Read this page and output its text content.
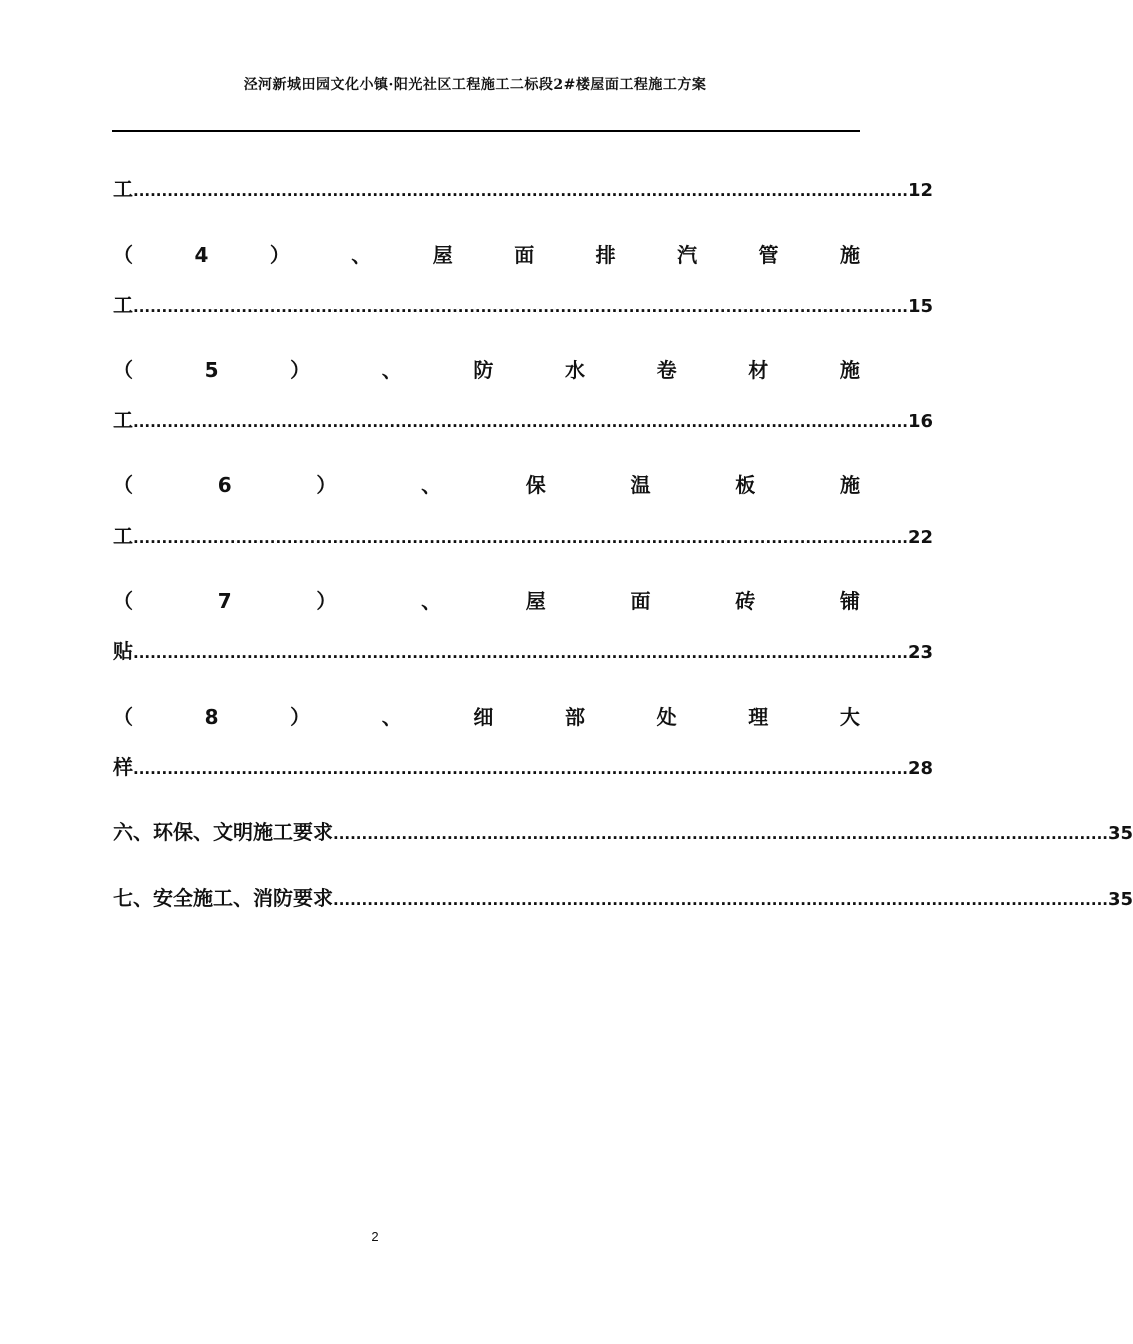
泾河新城田园文化小镇·阳光社区工程施工二标段2#楼屋面工程施工方案
工 ........................................................................................................................................ 12
（	4	）	、	屋	面	排	汽	管	施
工 ........................................................................................................................................ 15
（	5	）	、	防	水	卷	材	施
工 ........................................................................................................................................ 16
（	6	）	、	保	温	板	施
工 ........................................................................................................................................ 22
（	7	）	、	屋	面	砖	铺
贴 ........................................................................................................................................ 23
（	8	）	、	细	部	处	理	大
样 ........................................................................................................................................ 28
六、环保、文明施工要求 ........................................................................................................................................ 35
七、安全施工、消防要求 ........................................................................................................................................ 35
2
